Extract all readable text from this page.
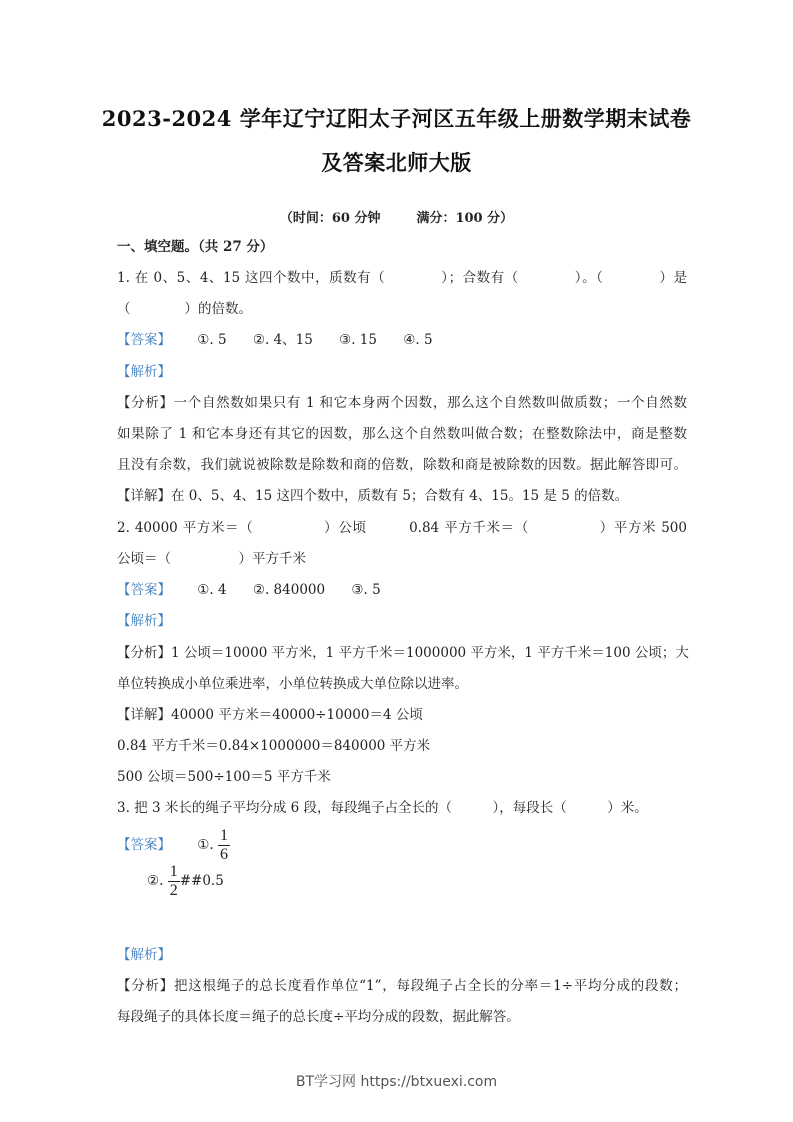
2023-2024 学年辽宁辽阳太子河区五年级上册数学期末试卷
及答案北师大版
（时间：60 分钟	满分：100 分）
一、填空题。（共 27 分）
1. 在 0、5、4、15 这四个数中，质数有（　　　　）；合数有（　　　　）。（　　　　）是
（　　　　）的倍数。
【答案】 ①. 5 ②. 4、15 ③. 15 ④. 5
【解析】
【分析】一个自然数如果只有 1 和它本身两个因数，那么这个自然数叫做质数；一个自然数
如果除了 1 和它本身还有其它的因数，那么这个自然数叫做合数；在整数除法中，商是整数
且没有余数，我们就说被除数是除数和商的倍数，除数和商是被除数的因数。据此解答即可。
【详解】在 0、5、4、15 这四个数中，质数有 5；合数有 4、15。15 是 5 的倍数。
2. 40000 平方米＝（　　　　　）公顷　　　0.84 平方千米＝（　　　　　）平方米 500
公顷＝（　　　　　）平方千米
【答案】 ①. 4 ②. 840000 ③. 5
【解析】
【分析】1 公顷＝10000 平方米，1 平方千米＝1000000 平方米，1 平方千米＝100 公顷；大
单位转换成小单位乘进率，小单位转换成大单位除以进率。
【详解】40000 平方米＝40000÷10000＝4 公顷
0.84 平方千米＝0.84×1000000＝840000 平方米
500 公顷＝500÷100＝5 平方千米
3. 把 3 米长的绳子平均分成 6 段，每段绳子占全长的（　　　），每段长（　　　）米。
【答案】 ①. $\frac{1}{6}$
②. $\frac{1}{2}$ ##0.5
【解析】
【分析】把这根绳子的总长度看作单位“1”，每段绳子占全长的分率＝1÷平均分成的段数；
每段绳子的具体长度＝绳子的总长度÷平均分成的段数，据此解答。
BT学习网 https://btxuexi.com
